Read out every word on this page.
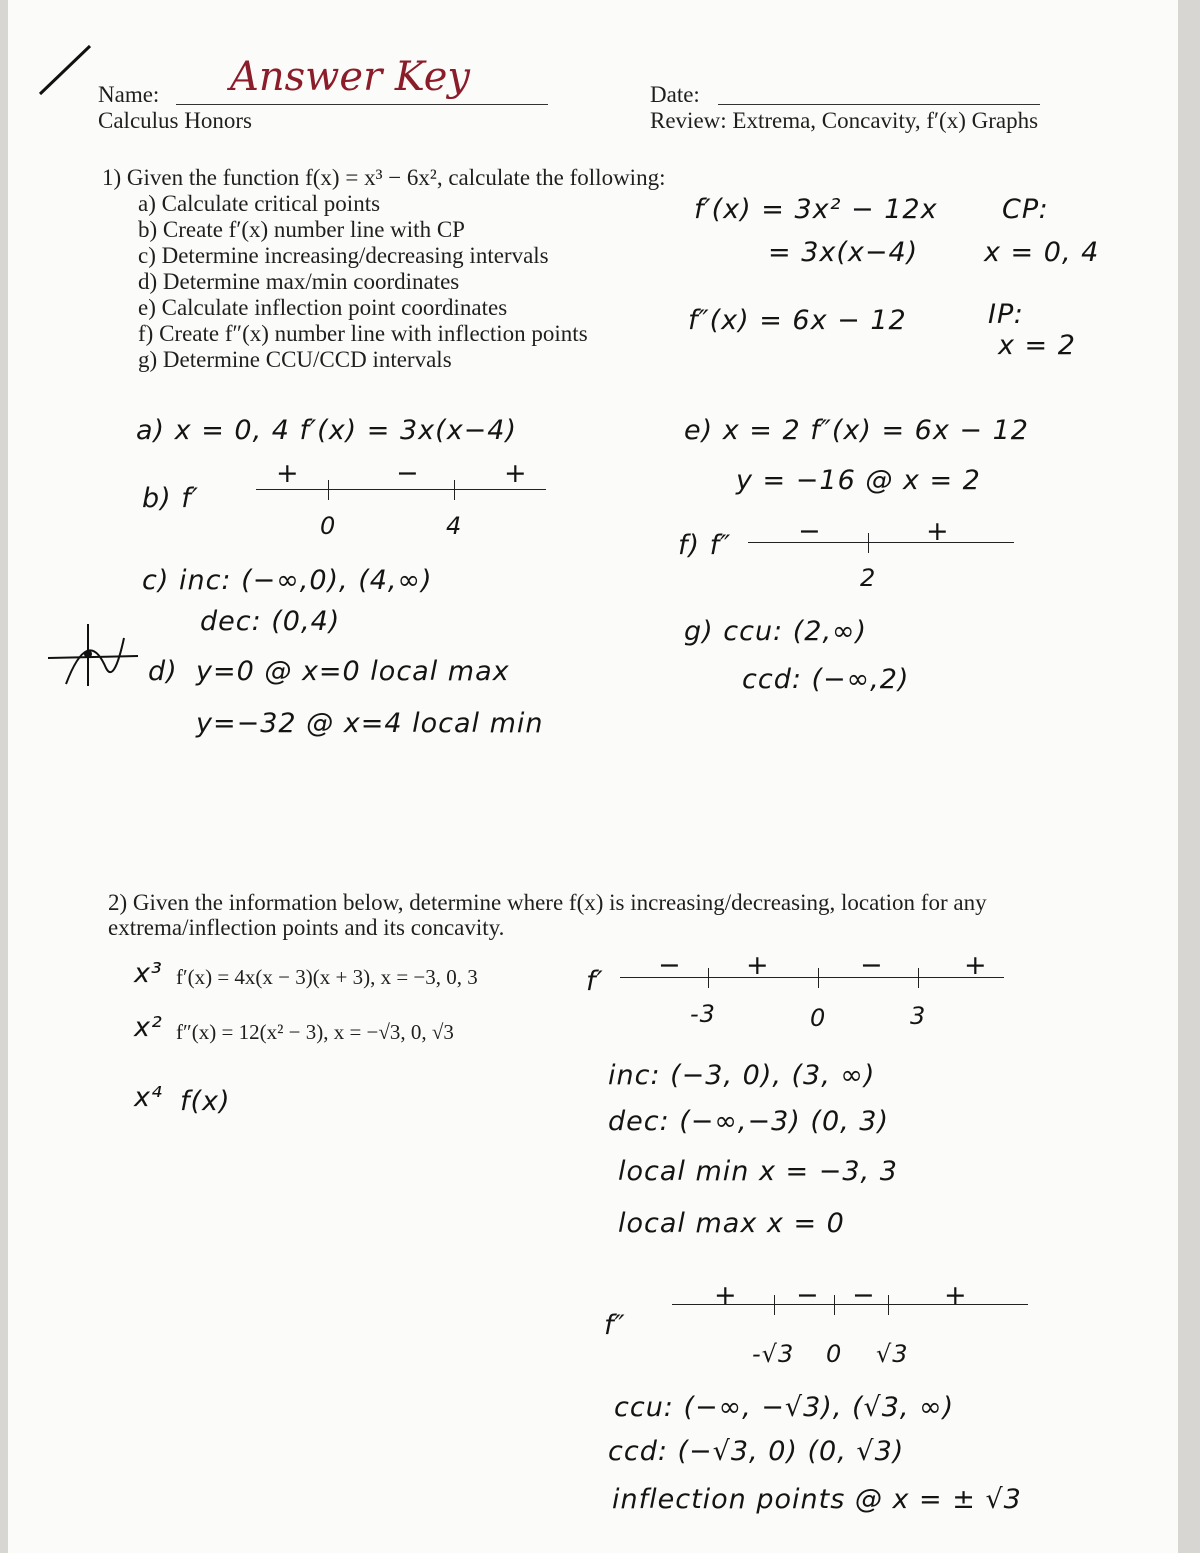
Name: Answer Key
Calculus Honors
Date:
Review: Extrema, Concavity, f′(x) Graphs
1) Given the function f(x) = x³ − 6x², calculate the following:
a) Calculate critical points
b) Create f′(x) number line with CP
c) Determine increasing/decreasing intervals
d) Determine max/min coordinates
e) Calculate inflection point coordinates
f) Create f″(x) number line with inflection points
g) Determine CCU/CCD intervals
f′(x) = 3x² − 12x
= 3x(x−4)
CP:
x = 0, 4
f″(x) = 6x − 12	IP:
x = 2
a) x = 0, 4 f′(x) = 3x(x−4)
b) f′
+	−	+
0	4
c) inc: (−∞,0), (4,∞)
dec: (0,4)
d) y=0 @ x=0 local max
y=−32 @ x=4 local min
e) x = 2 f″(x) = 6x − 12
y = −16 @ x = 2
f) f″ −	+
2
g) ccu: (2,∞)
ccd: (−∞,2)
2) Given the information below, determine where f(x) is increasing/decreasing, location for any
extrema/inflection points and its concavity.
x³ f′(x) = 4x(x − 3)(x + 3), x = −3, 0, 3
x² f″(x) = 12(x² − 3), x = −√3, 0, √3
x⁴ f(x)
f′
− +	−	+
-3	0	3
inc: (−3, 0), (3, ∞)
dec: (−∞,−3) (0, 3)
local min x = −3, 3
local max x = 0
f″
+ − −	+
-√3 0 √3
ccu: (−∞, −√3), (√3, ∞)
ccd: (−√3, 0) (0, √3)
inflection points @ x = ± √3
